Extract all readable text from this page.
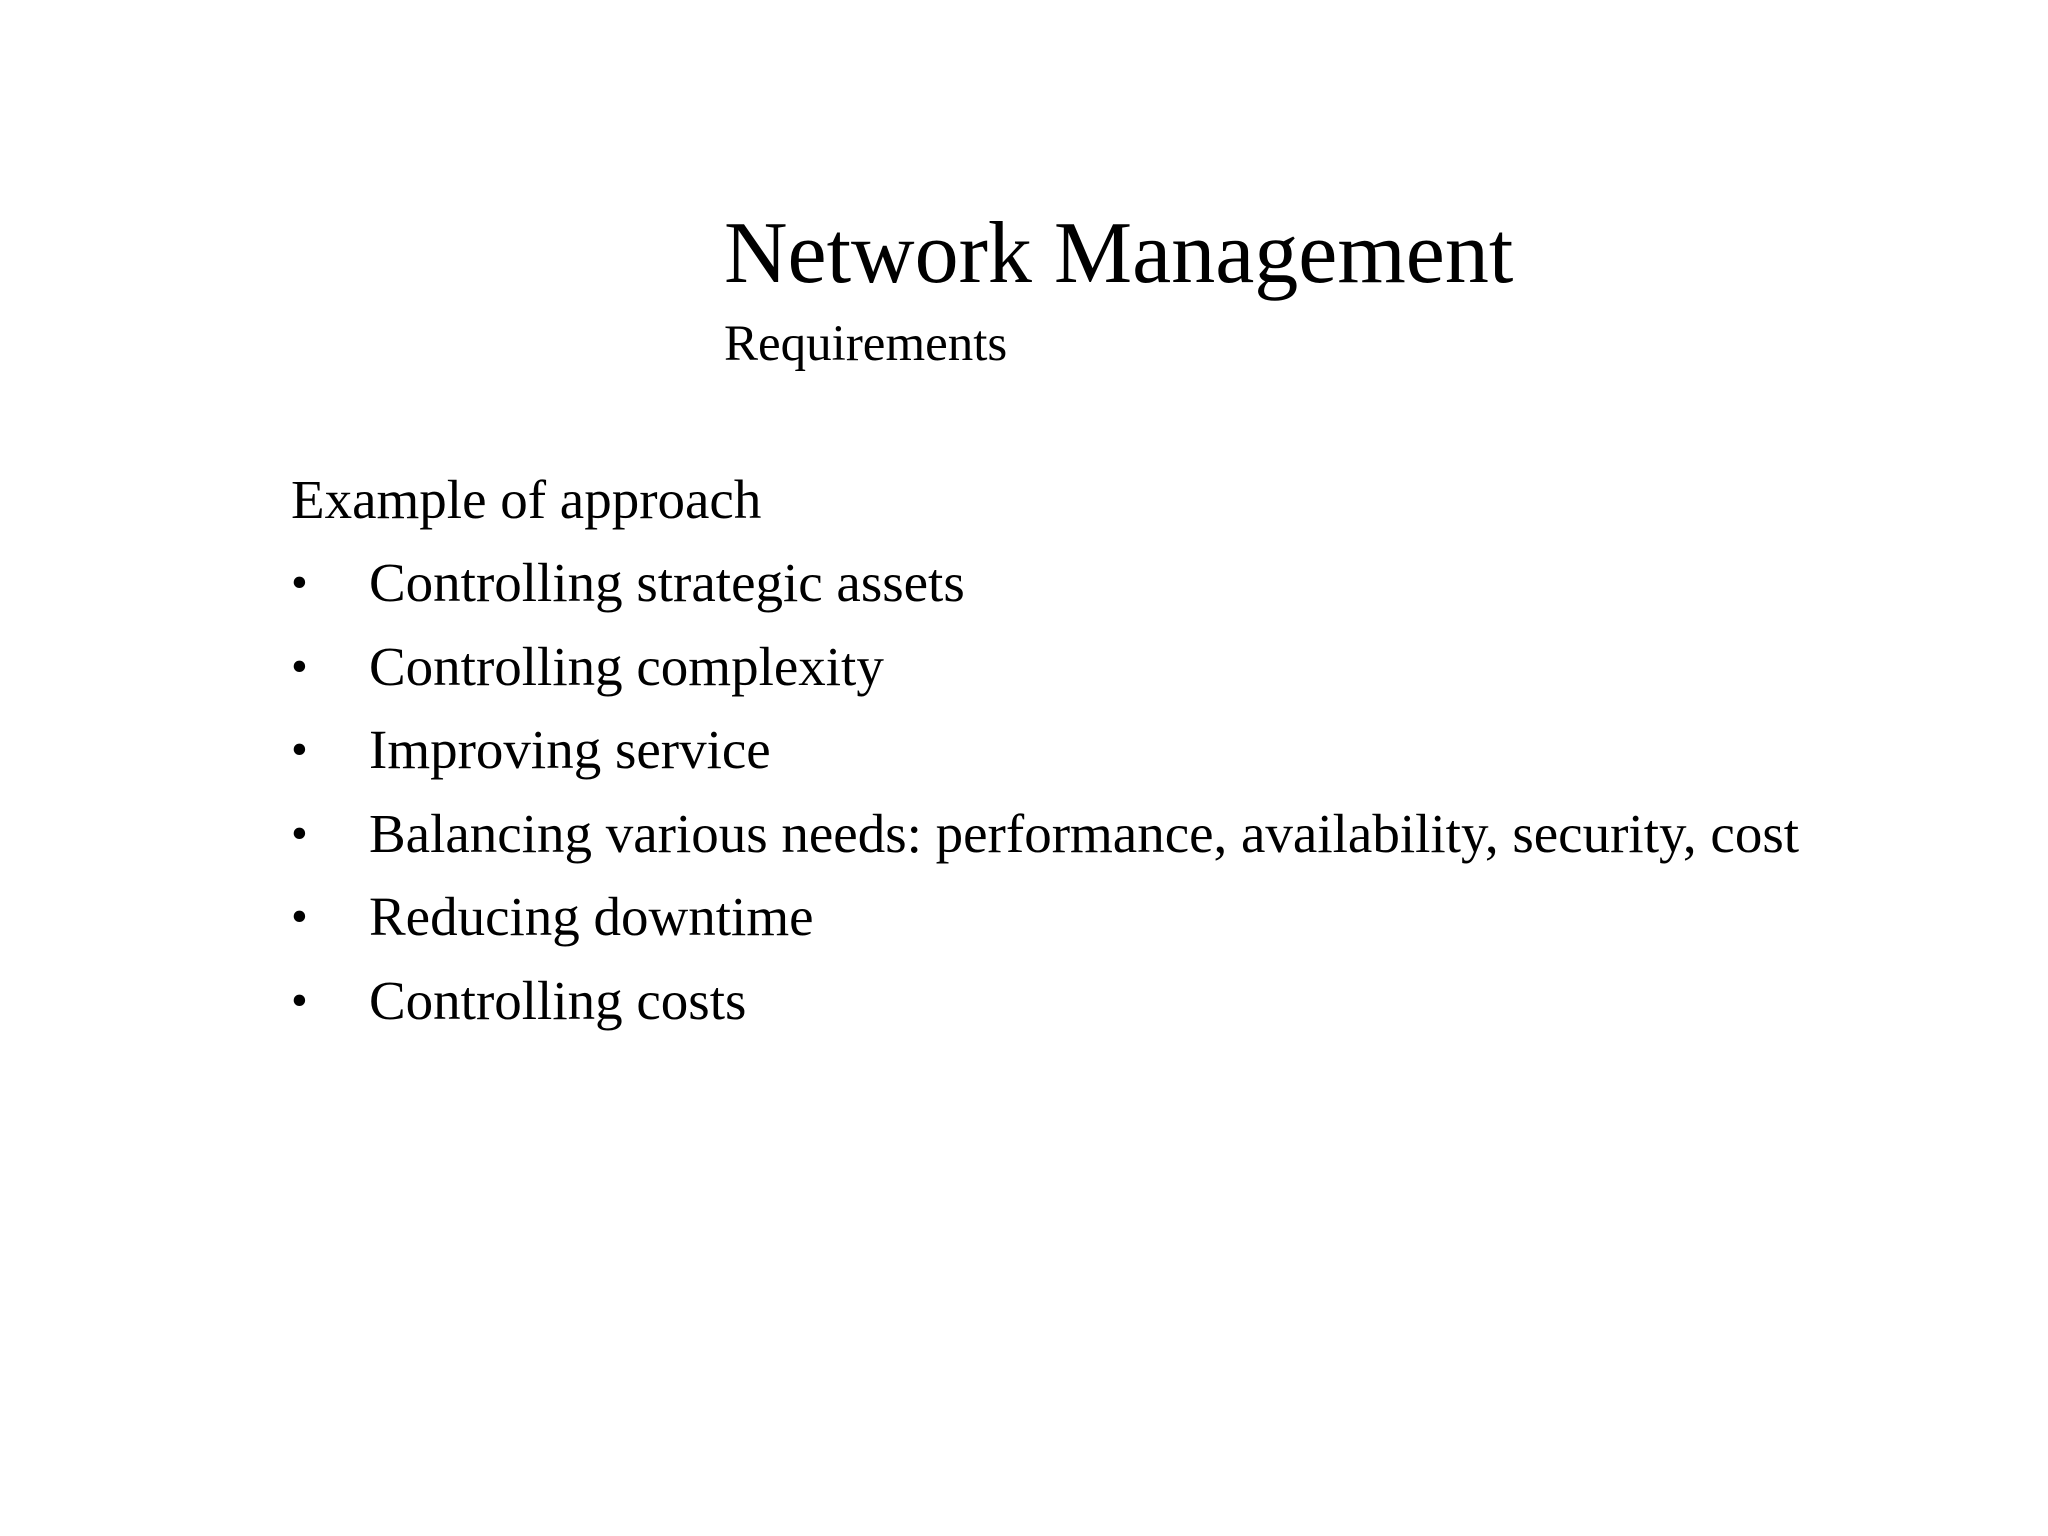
Network Management
Requirements
Example of approach
•	Controlling strategic assets
•	Controlling complexity
•	Improving service
•	Balancing various needs: performance, availability, security, cost
•	Reducing downtime
•	Controlling costs
